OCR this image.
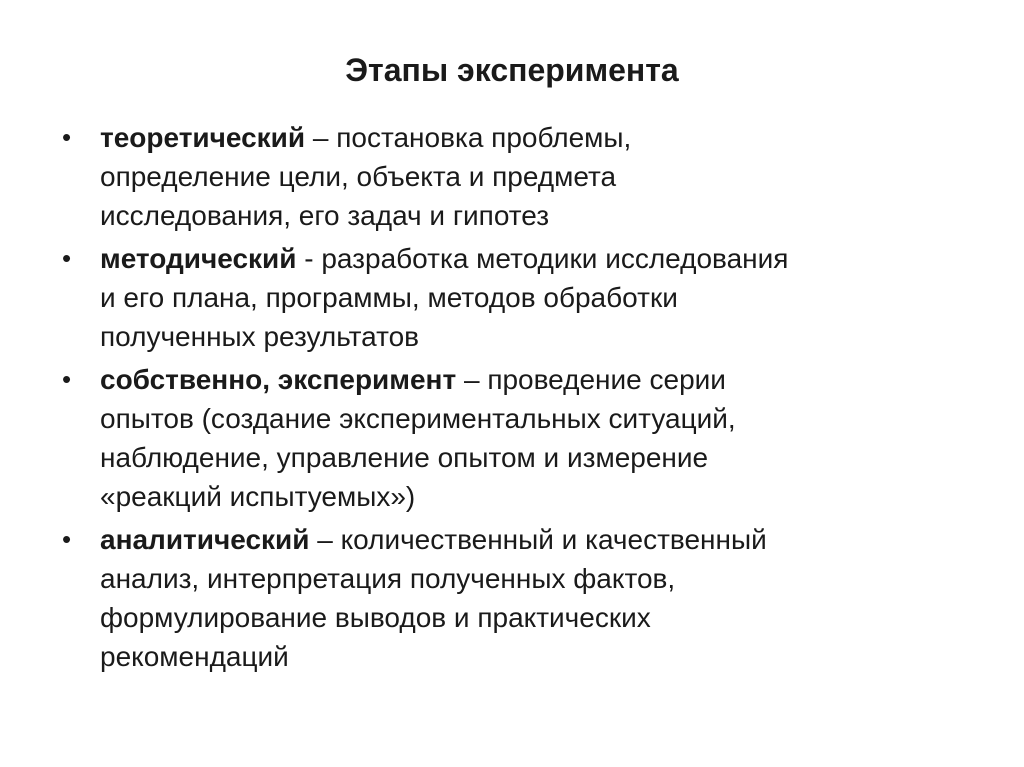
Этапы эксперимента
• теоретический – постановка проблемы,
определение цели, объекта и предмета
исследования, его задач и гипотез
• методический - разработка методики исследования
и его плана, программы, методов обработки
полученных результатов
• собственно, эксперимент – проведение серии
опытов (создание экспериментальных ситуаций,
наблюдение, управление опытом и измерение
«реакций испытуемых»)
• аналитический – количественный и качественный
анализ, интерпретация полученных фактов,
формулирование выводов и практических
рекомендаций
